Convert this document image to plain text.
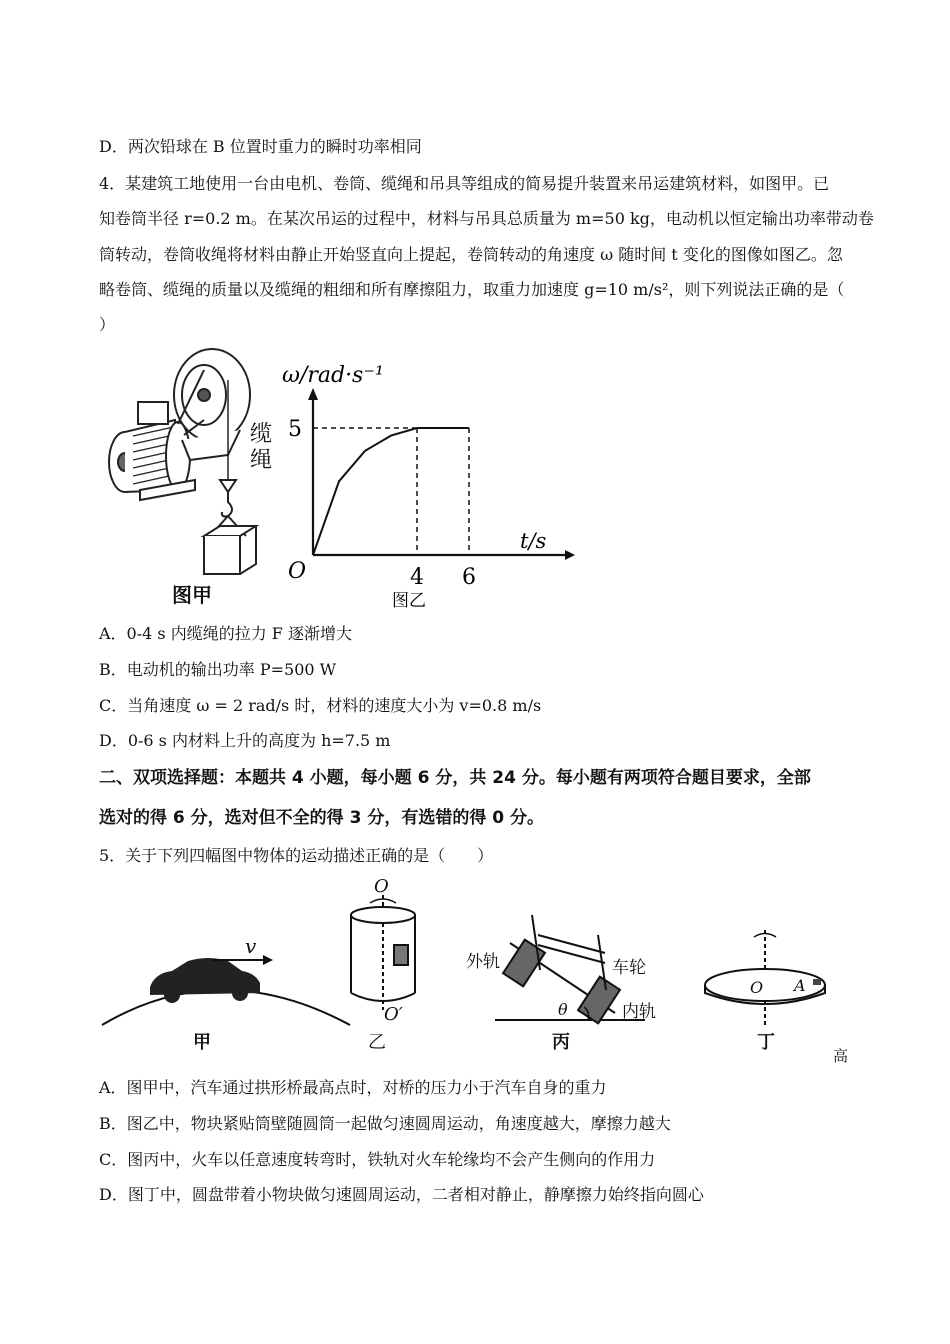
D．两次铅球在 B 位置时重力的瞬时功率相同
4．某建筑工地使用一台由电机、卷筒、缆绳和吊具等组成的简易提升装置来吊运建筑材料，如图甲。已
知卷筒半径 r=0.2 m。在某次吊运的过程中，材料与吊具总质量为 m=50 kg，电动机以恒定输出功率带动卷
筒转动，卷筒收绳将材料由静止开始竖直向上提起，卷筒转动的角速度 ω 随时间 t 变化的图像如图乙。忽
略卷筒、缆绳的质量以及缆绳的粗细和所有摩擦阻力，取重力加速度 g=10 m/s²，则下列说法正确的是（
）
缆绳
图甲
ω/rad·s⁻¹
t/s
O	4 6
5
图乙
A．0-4 s 内缆绳的拉力 F 逐渐增大
B．电动机的输出功率 P=500 W
C．当角速度 ω = 2 rad/s 时，材料的速度大小为 v=0.8 m/s
D．0-6 s 内材料上升的高度为 h=7.5 m
二、双项选择题：本题共 4 小题，每小题 6 分，共 24 分。每小题有两项符合题目要求，全部
选对的得 6 分，选对但不全的得 3 分，有选错的得 0 分。
5．关于下列四幅图中物体的运动描述正确的是（　　）
v
甲
O
O′
乙
外轨	车轮
内轨
θ
丙
O A
丁
高
A．图甲中，汽车通过拱形桥最高点时，对桥的压力小于汽车自身的重力
B．图乙中，物块紧贴筒壁随圆筒一起做匀速圆周运动，角速度越大，摩擦力越大
C．图丙中，火车以任意速度转弯时，铁轨对火车轮缘均不会产生侧向的作用力
D．图丁中，圆盘带着小物块做匀速圆周运动，二者相对静止，静摩擦力始终指向圆心
